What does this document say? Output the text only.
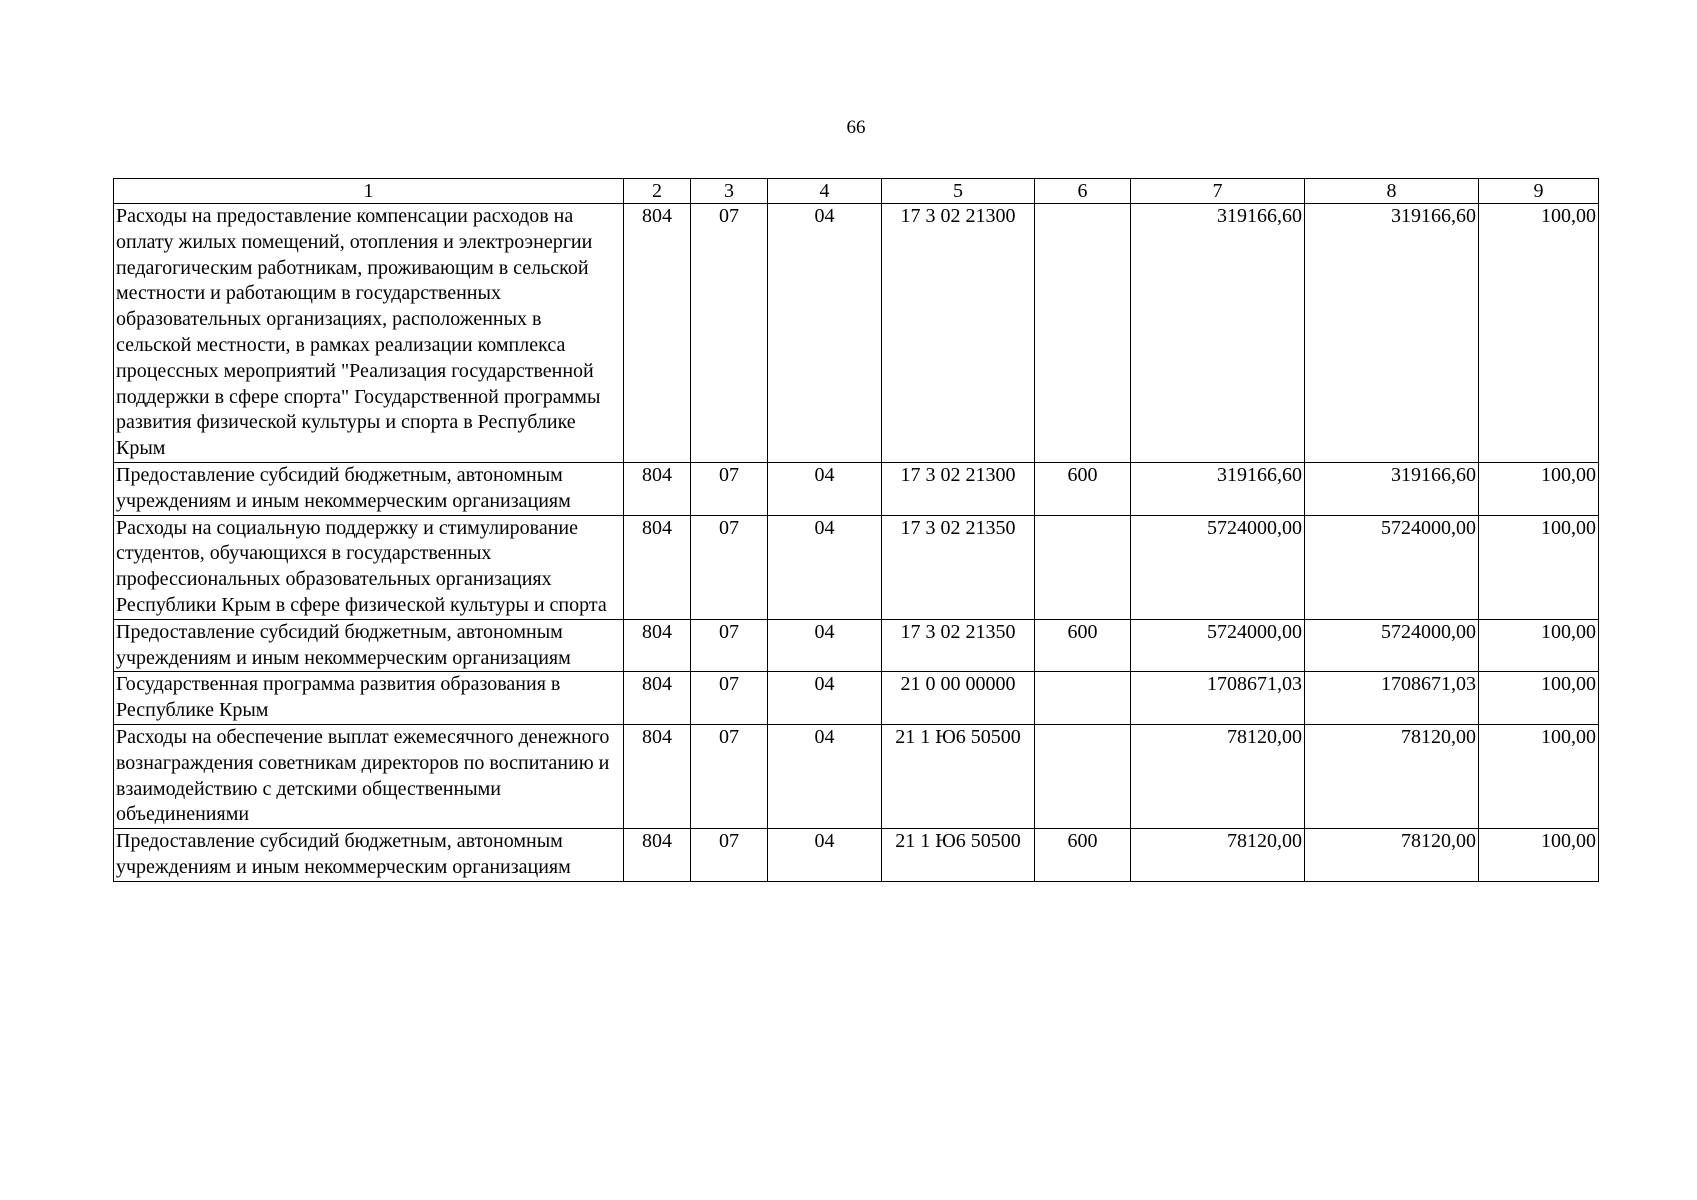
66
1	2	3	4	5	6	7	8	9
Расходы на предоставление компенсации расходов на оплату жилых помещений, отопления и электроэнергии педагогическим работникам, проживающим в сельской местности и работающим в государственных образовательных организациях, расположенных в сельской местности, в рамках реализации комплекса процессных мероприятий "Реализация государственной поддержки в сфере спорта" Государственной программы развития физической культуры и спорта в Республике Крым	804	07	04	17 3 02 21300		319166,60	319166,60	100,00
Предоставление субсидий бюджетным, автономным учреждениям и иным некоммерческим организациям	804	07	04	17 3 02 21300	600	319166,60	319166,60	100,00
Расходы на социальную поддержку и стимулирование студентов, обучающихся в государственных профессиональных образовательных организациях Республики Крым в сфере физической культуры и спорта	804	07	04	17 3 02 21350		5724000,00	5724000,00	100,00
Предоставление субсидий бюджетным, автономным учреждениям и иным некоммерческим организациям	804	07	04	17 3 02 21350	600	5724000,00	5724000,00	100,00
Государственная программа развития образования в Республике Крым	804	07	04	21 0 00 00000		1708671,03	1708671,03	100,00
Расходы на обеспечение выплат ежемесячного денежного вознаграждения советникам директоров по воспитанию и взаимодействию с детскими общественными объединениями	804	07	04	21 1 Ю6 50500		78120,00	78120,00	100,00
Предоставление субсидий бюджетным, автономным учреждениям и иным некоммерческим организациям	804	07	04	21 1 Ю6 50500	600	78120,00	78120,00	100,00
